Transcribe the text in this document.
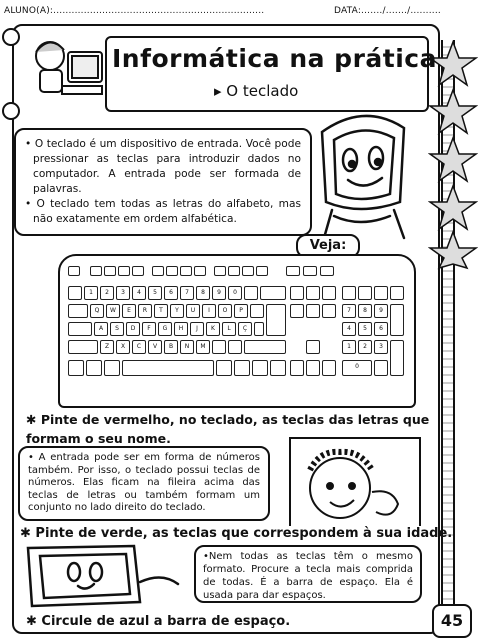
ALUNO(A):.....................................................................	DATA:......./......./..........
Informática na prática
▸ O teclado

• O teclado é um dispositivo de entrada. Você pode pressionar as teclas para introduzir dados no computador. A entrada pode ser formada de palavras.

• O teclado tem todas as letras do alfabeto, mas não exatamente em ordem alfabética.

Veja:
1	2	3	4	5	6	7	8	9	0
Q	W	E	R	T	Y	U	I	O	P
A	S	D	F	G	H	J	K	L	Ç
Z	X	C	V	B	N	M
7	8	9
4	5	6
1	2	3
0
✱ Pinte de vermelho, no teclado, as teclas das letras que formam o seu nome.
• A entrada pode ser em forma de números também. Por isso, o teclado possui teclas de números. Elas ficam na fileira acima das teclas de letras ou também formam um conjunto no lado direito do teclado.
✱ Pinte de verde, as teclas que correspondem à sua idade.
•Nem todas as teclas têm o mesmo formato. Procure a tecla mais comprida de todas. É a barra de espaço. Ela é usada para dar espaços.
✱ Circule de azul a barra de espaço.	45
